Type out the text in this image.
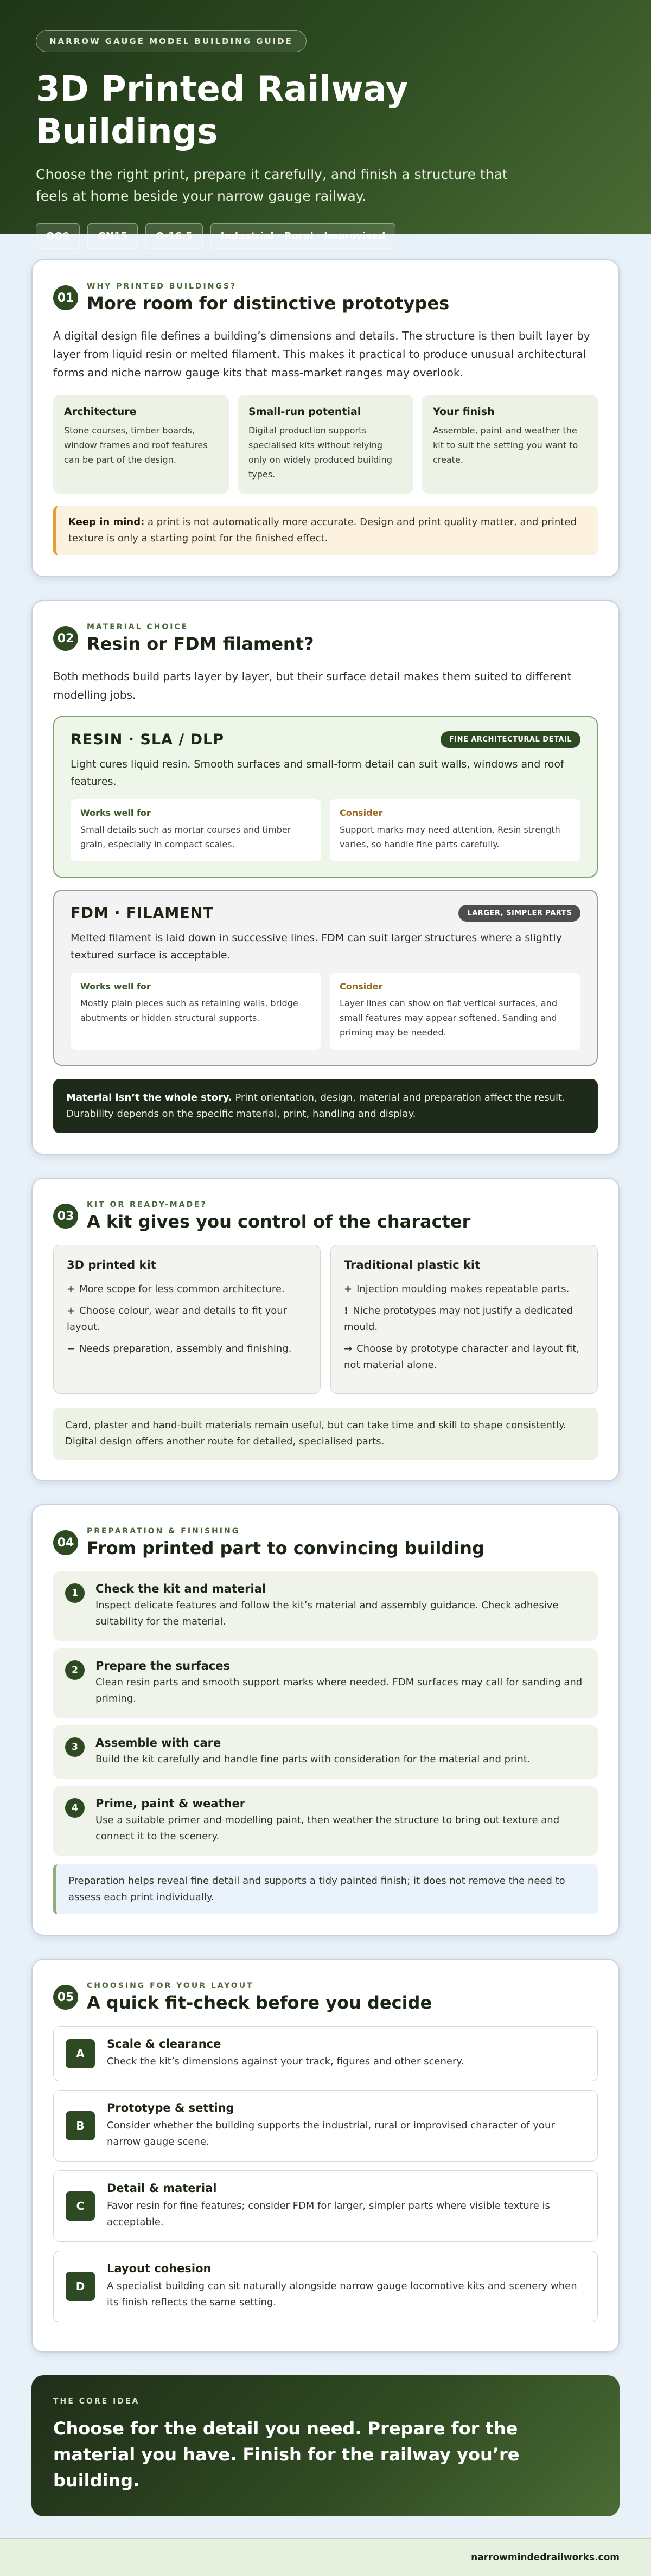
NARROW GAUGE MODEL BUILDING GUIDE
3D Printed Railway Buildings

Choose the right print, prepare it carefully, and finish a structure that feels at home beside your narrow gauge railway.

OO9	GN15	O-16.5	Industrial · Rural · Improvised
01
WHY PRINTED BUILDINGS?
More room for distinctive prototypes

A digital design file defines a building’s dimensions and details. The structure is then built layer by layer from liquid resin or melted filament. This makes it practical to produce unusual architectural forms and niche narrow gauge kits that mass-market ranges may overlook.

Architecture

Stone courses, timber boards, window frames and roof features can be part of the design.

Small-run potential

Digital production supports specialised kits without relying only on widely produced building types.

Your finish

Assemble, paint and weather the kit to suit the setting you want to create.

Keep in mind: a print is not automatically more accurate. Design and print quality matter, and printed texture is only a starting point for the finished effect.
02
MATERIAL CHOICE
Resin or FDM filament?

Both methods build parts layer by layer, but their surface detail makes them suited to different modelling jobs.

RESIN · SLA / DLP	FINE ARCHITECTURAL DETAIL

Light cures liquid resin. Smooth surfaces and small-form detail can suit walls, windows and roof features.

Works well for

Small details such as mortar courses and timber grain, especially in compact scales.

Consider

Support marks may need attention. Resin strength varies, so handle fine parts carefully.

FDM · FILAMENT	LARGER, SIMPLER PARTS

Melted filament is laid down in successive lines. FDM can suit larger structures where a slightly textured surface is acceptable.

Works well for

Mostly plain pieces such as retaining walls, bridge abutments or hidden structural supports.

Consider

Layer lines can show on flat vertical surfaces, and small features may appear softened. Sanding and priming may be needed.

Material isn’t the whole story. Print orientation, design, material and preparation affect the result. Durability depends on the specific material, print, handling and display.
03
KIT OR READY-MADE?
A kit gives you control of the character
3D printed kit
+ More scope for less common architecture.
+ Choose colour, wear and details to fit your layout.
− Needs preparation, assembly and finishing.
Traditional plastic kit
+ Injection moulding makes repeatable parts.
! Niche prototypes may not justify a dedicated mould.
→ Choose by prototype character and layout fit, not material alone.
Card, plaster and hand-built materials remain useful, but can take time and skill to shape consistently. Digital design offers another route for detailed, specialised parts.
04
PREPARATION & FINISHING
From printed part to convincing building
1	Check the kit and material

Inspect delicate features and follow the kit’s material and assembly guidance. Check adhesive suitability for the material.

2	Prepare the surfaces

Clean resin parts and smooth support marks where needed. FDM surfaces may call for sanding and priming.

3	Assemble with care

Build the kit carefully and handle fine parts with consideration for the material and print.

4	Prime, paint & weather

Use a suitable primer and modelling paint, then weather the structure to bring out texture and connect it to the scenery.

Preparation helps reveal fine detail and supports a tidy painted finish; it does not remove the need to assess each print individually.
05
CHOOSING FOR YOUR LAYOUT
A quick fit-check before you decide
A
Scale & clearance

Check the kit’s dimensions against your track, figures and other scenery.

B
Prototype & setting

Consider whether the building supports the industrial, rural or improvised character of your narrow gauge scene.

C
Detail & material

Favor resin for fine features; consider FDM for larger, simpler parts where visible texture is acceptable.

D
Layout cohesion

A specialist building can sit naturally alongside narrow gauge locomotive kits and scenery when its finish reflects the same setting.

THE CORE IDEA
Choose for the detail you need. Prepare for the material you have. Finish for the railway you’re building.
narrowmindedrailworks.com
